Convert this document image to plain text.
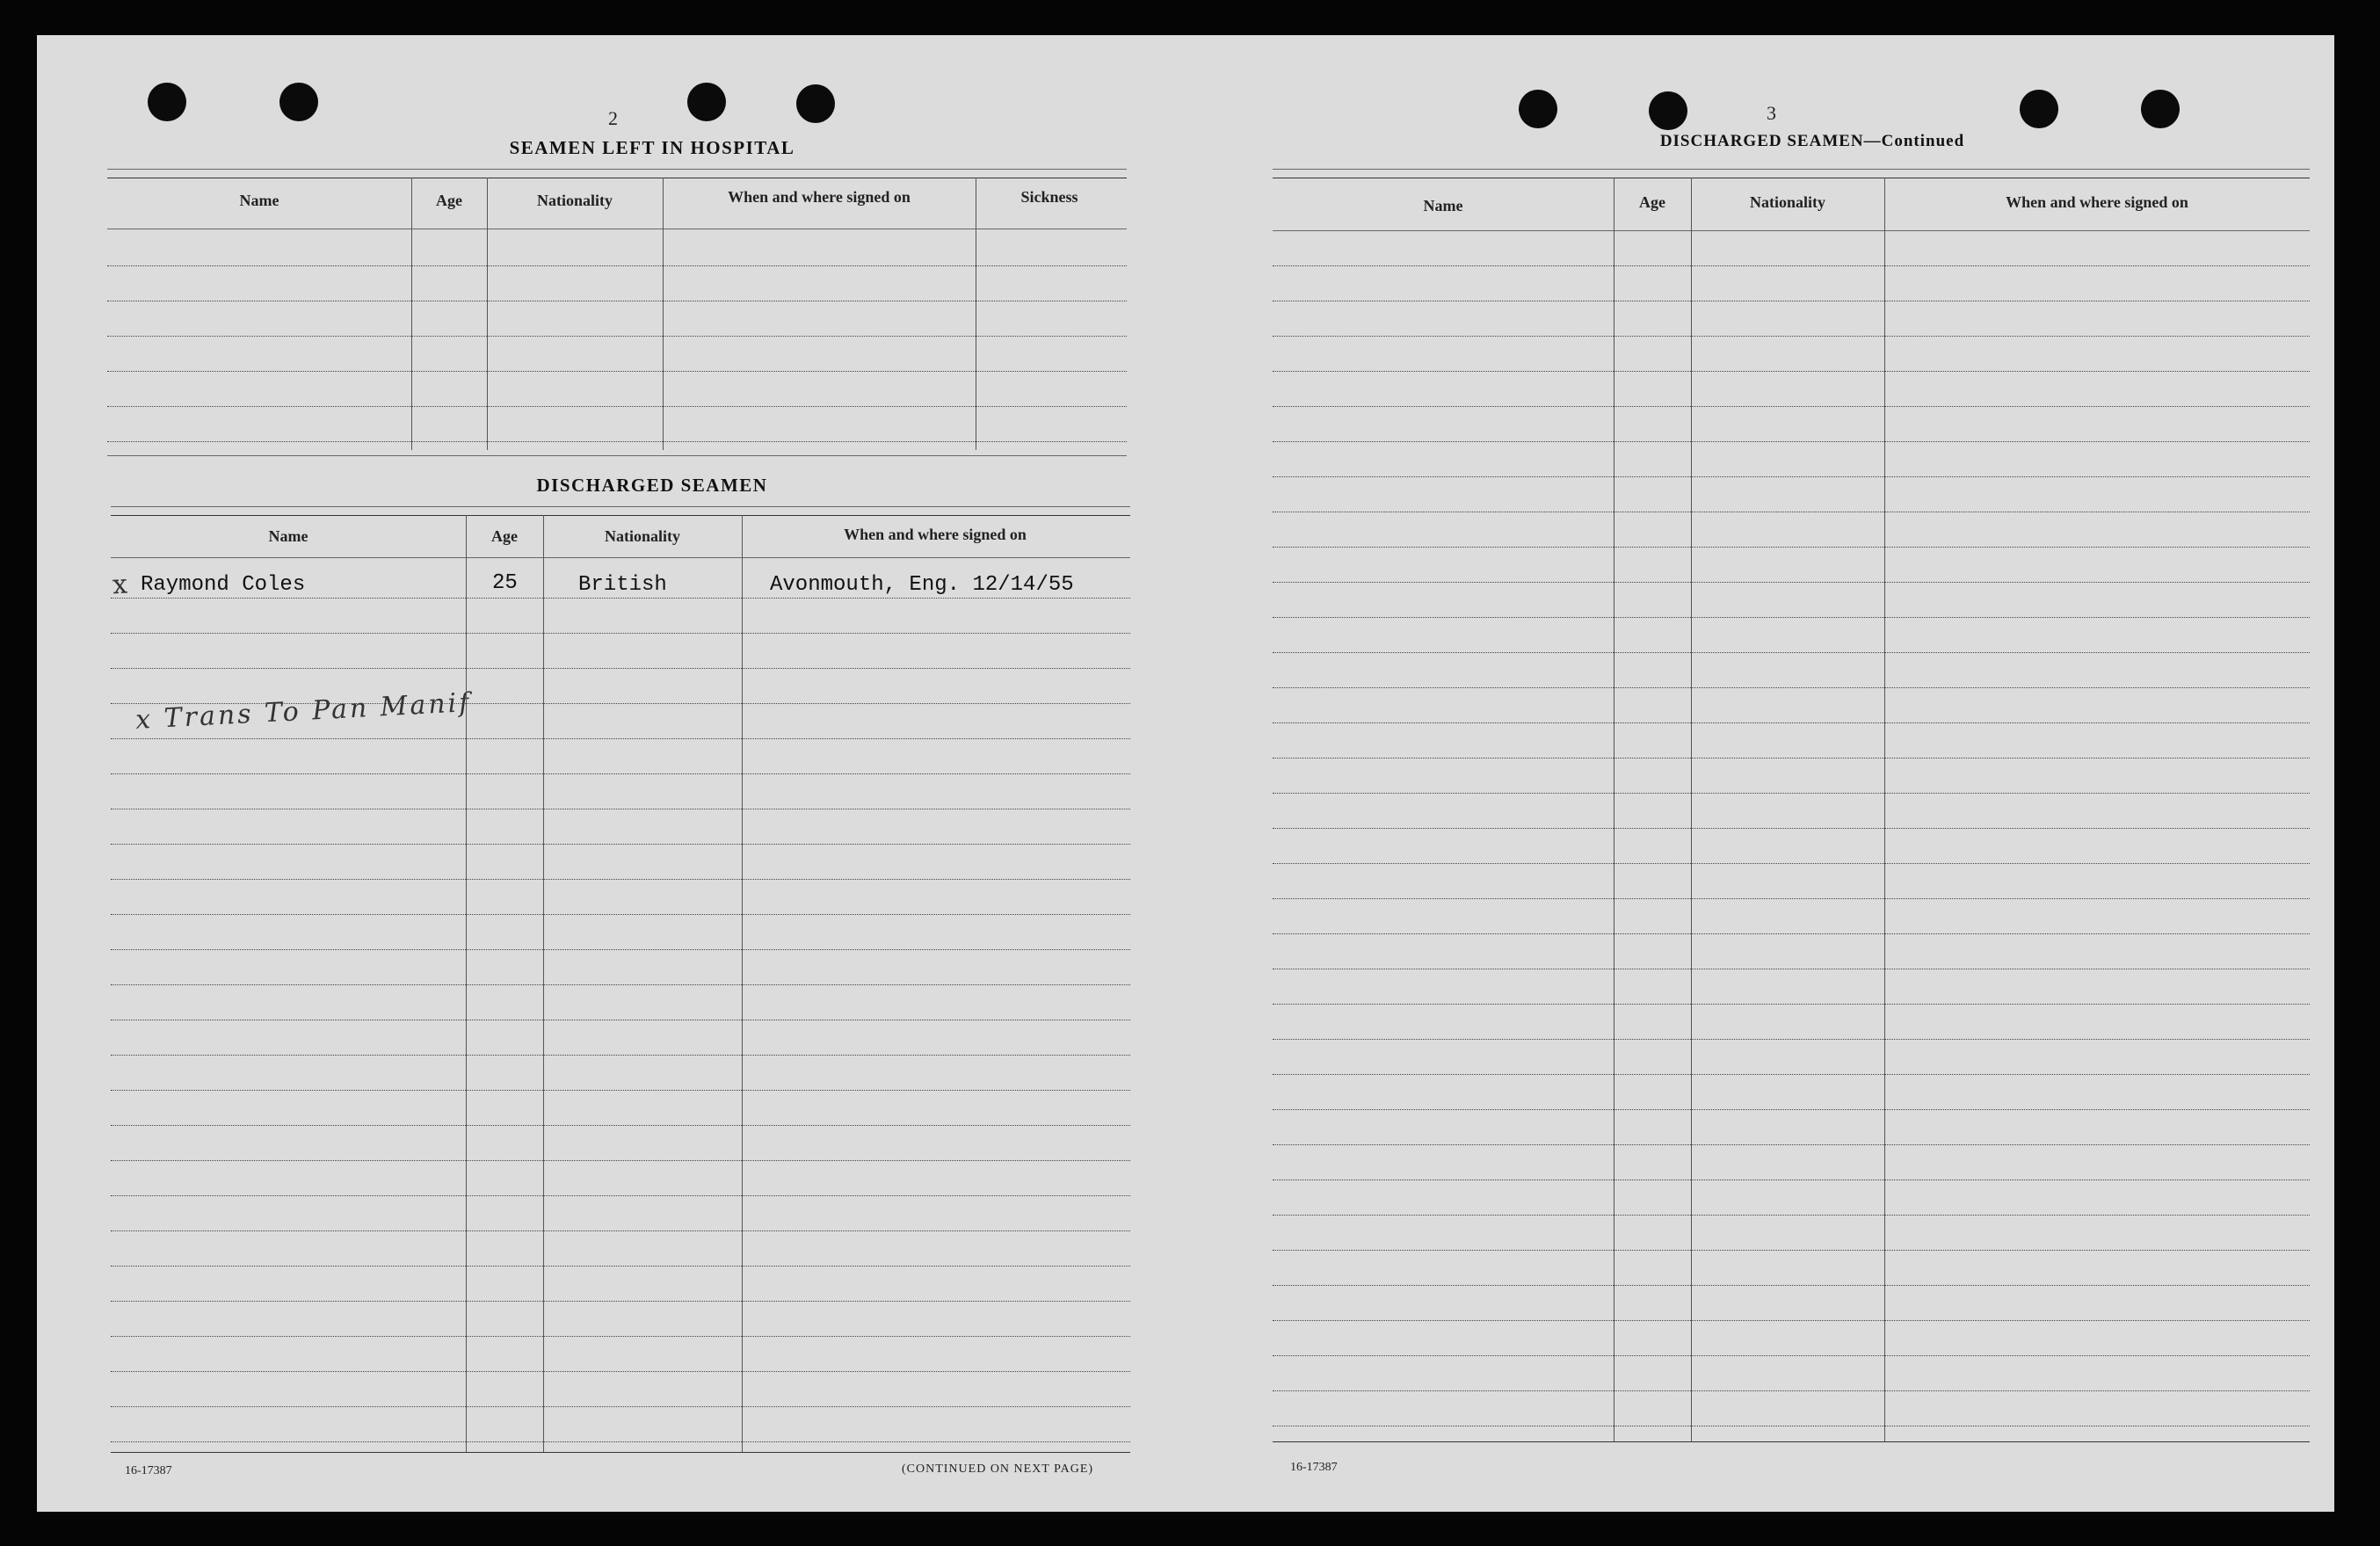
2
SEAMEN LEFT IN HOSPITAL
Name	Age	Nationality	When and where signed on	Sickness
DISCHARGED SEAMEN
Name	Age	Nationality	When and where signed on
Raymond Coles	25	British	Avonmouth, Eng. 12/14/55
x
x Trans To Pan Manif
16-17387	(CONTINUED ON NEXT PAGE)
3
DISCHARGED SEAMEN—Continued
Name	Age	Nationality	When and where signed on
16-17387
